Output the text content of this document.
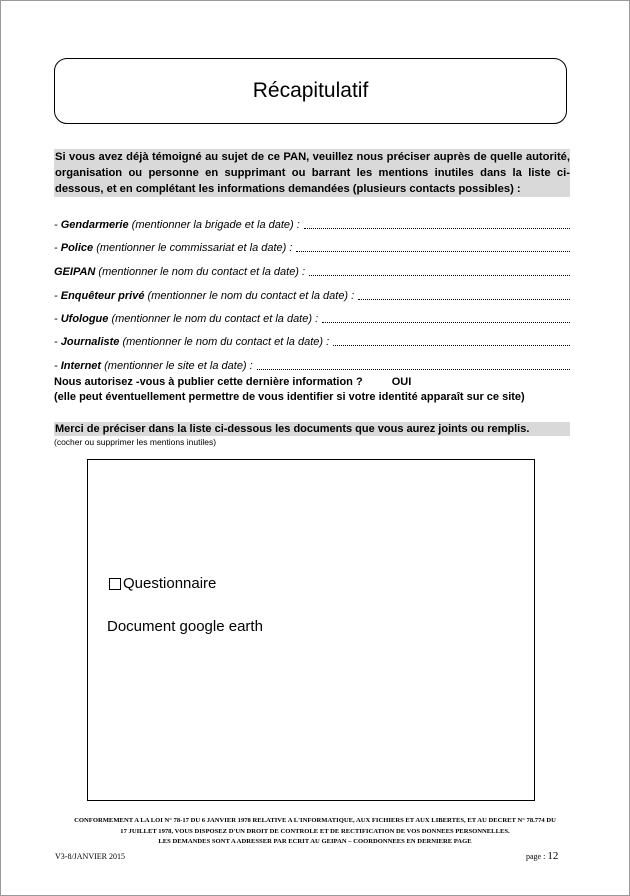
Récapitulatif
Si vous avez déjà témoigné au sujet de ce PAN, veuillez nous préciser auprès de quelle autorité, organisation ou personne en supprimant ou barrant les mentions inutiles dans la liste ci-dessous, et en complétant les informations demandées (plusieurs contacts possibles) :
- Gendarmerie (mentionner la brigade et la date) :
- Police (mentionner le commissariat et la date) :
GEIPAN (mentionner le nom du contact et la date) :
- Enquêteur privé (mentionner le nom du contact et la date) :
- Ufologue (mentionner le nom du contact et la date) :
- Journaliste (mentionner le nom du contact et la date) :
- Internet (mentionner le site et la date) :
Nous autorisez -vous à publier cette dernière information ?	OUI
(elle peut éventuellement permettre de vous identifier si votre identité apparaît sur ce site)
Merci de préciser dans la liste ci-dessous les documents que vous aurez joints ou remplis.
(cocher ou supprimer les mentions inutiles)
Questionnaire
Document google earth
CONFORMEMENT A LA LOI N° 78-17 DU 6 JANVIER 1978 RELATIVE A L'INFORMATIQUE, AUX FICHIERS ET AUX LIBERTES, ET AU DECRET N° 78.774 DU
17 JUILLET 1978, VOUS DISPOSEZ D'UN DROIT DE CONTROLE ET DE RECTIFICATION DE VOS DONNEES PERSONNELLES.
LES DEMANDES SONT A ADRESSER PAR ECRIT AU GEIPAN – COORDONNEES EN DERNIERE PAGE
V3-8/JANVIER 2015	page : 12
